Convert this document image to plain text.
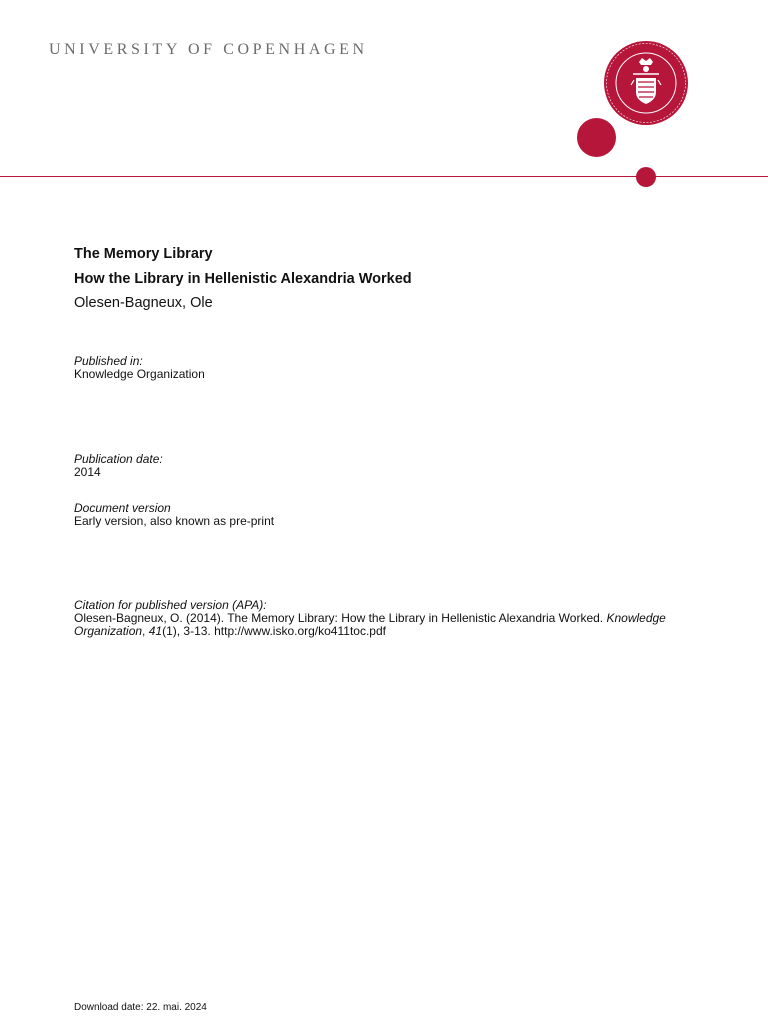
UNIVERSITY OF COPENHAGEN
The Memory Library
How the Library in Hellenistic Alexandria Worked
Olesen-Bagneux, Ole
Published in:
Knowledge Organization
Publication date:
2014
Document version
Early version, also known as pre-print
Citation for published version (APA):
Olesen-Bagneux, O. (2014). The Memory Library: How the Library in Hellenistic Alexandria Worked. Knowledge Organization, 41(1), 3-13. http://www.isko.org/ko411toc.pdf
Download date: 22. mai. 2024
